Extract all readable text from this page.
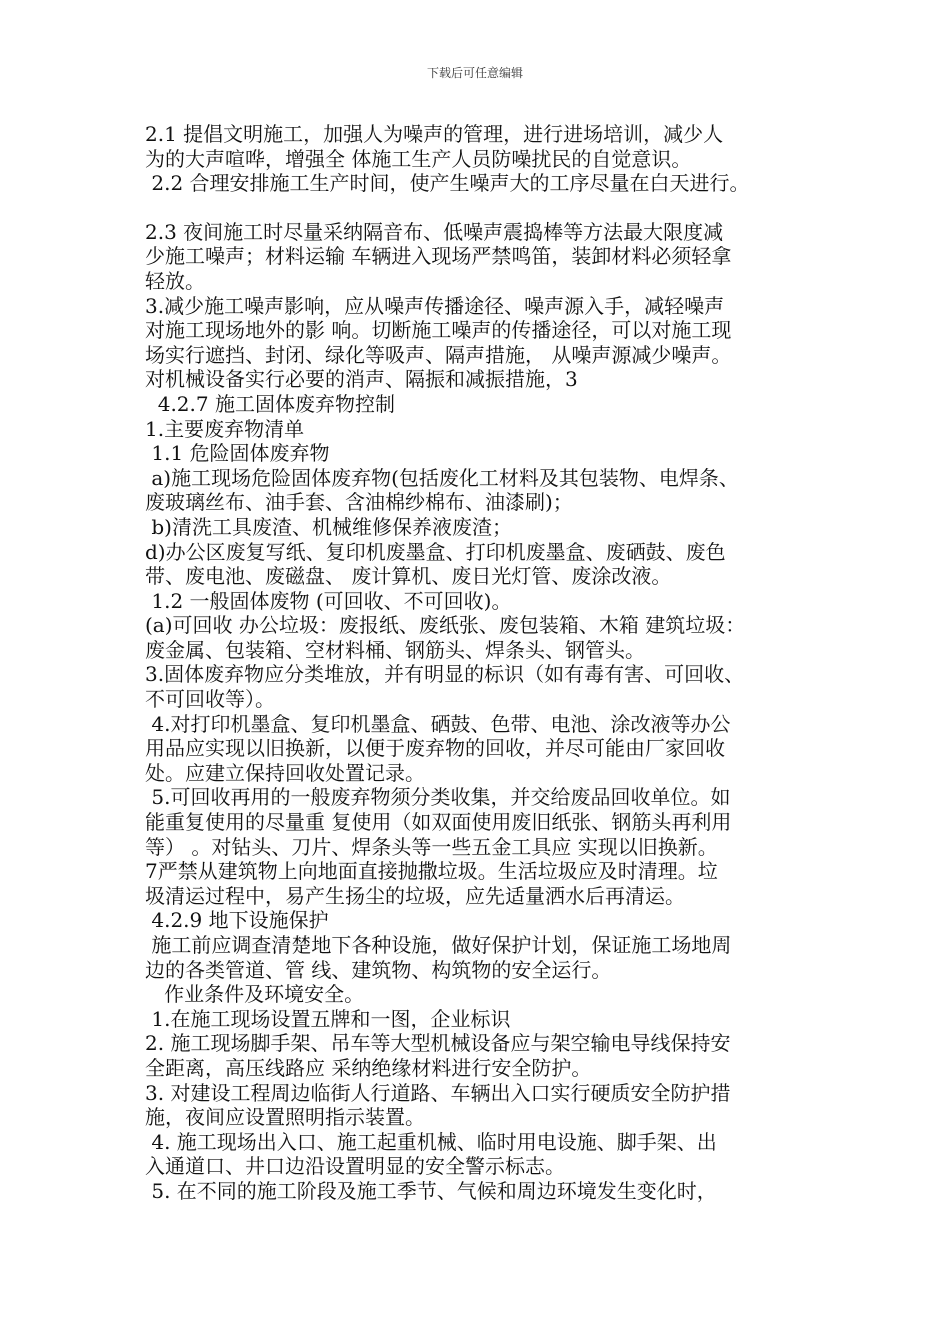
下载后可任意编辑
2.1 提倡文明施工，加强人为噪声的管理，进行进场培训，减少人
为的大声喧哗，增强全 体施工生产人员防噪扰民的自觉意识。
2.2 合理安排施工生产时间，使产生噪声大的工序尽量在白天进行。
2.3 夜间施工时尽量采纳隔音布、低噪声震捣棒等方法最大限度减
少施工噪声；材料运输 车辆进入现场严禁鸣笛，装卸材料必须轻拿
轻放。
3.减少施工噪声影响，应从噪声传播途径、噪声源入手，减轻噪声
对施工现场地外的影 响。切断施工噪声的传播途径，可以对施工现
场实行遮挡、封闭、绿化等吸声、隔声措施， 从噪声源减少噪声。
对机械设备实行必要的消声、隔振和减振措施，3
4.2.7 施工固体废弃物控制
1.主要废弃物清单
1.1 危险固体废弃物
a)施工现场危险固体废弃物(包括废化工材料及其包装物、电焊条、
废玻璃丝布、油手套、含油棉纱棉布、油漆刷)；
b)清洗工具废渣、机械维修保养液废渣；
d)办公区废复写纸、复印机废墨盒、打印机废墨盒、废硒鼓、废色
带、废电池、废磁盘、 废计算机、废日光灯管、废涂改液。
1.2 一般固体废物 (可回收、不可回收)。
(a)可回收 办公垃圾：废报纸、废纸张、废包装箱、木箱 建筑垃圾：
废金属、包装箱、空材料桶、钢筋头、焊条头、钢管头。
3.固体废弃物应分类堆放，并有明显的标识（如有毒有害、可回收、
不可回收等）。
4.对打印机墨盒、复印机墨盒、硒鼓、色带、电池、涂改液等办公
用品应实现以旧换新，以便于废弃物的回收，并尽可能由厂家回收
处。应建立保持回收处置记录。
5.可回收再用的一般废弃物须分类收集，并交给废品回收单位。如
能重复使用的尽量重 复使用（如双面使用废旧纸张、钢筋头再利用
等） 。对钻头、刀片、焊条头等一些五金工具应 实现以旧换新。
7严禁从建筑物上向地面直接抛撒垃圾。生活垃圾应及时清理。垃
圾清运过程中，易产生扬尘的垃圾，应先适量洒水后再清运。
4.2.9 地下设施保护
施工前应调查清楚地下各种设施，做好保护计划，保证施工场地周
边的各类管道、管 线、建筑物、构筑物的安全运行。
作业条件及环境安全。
1.在施工现场设置五牌和一图，企业标识
2. 施工现场脚手架、吊车等大型机械设备应与架空输电导线保持安
全距离，高压线路应 采纳绝缘材料进行安全防护。
3. 对建设工程周边临街人行道路、车辆出入口实行硬质安全防护措
施，夜间应设置照明指示装置。
4. 施工现场出入口、施工起重机械、临时用电设施、脚手架、出
入通道口、井口边沿设置明显的安全警示标志。
5. 在不同的施工阶段及施工季节、气候和周边环境发生变化时，
